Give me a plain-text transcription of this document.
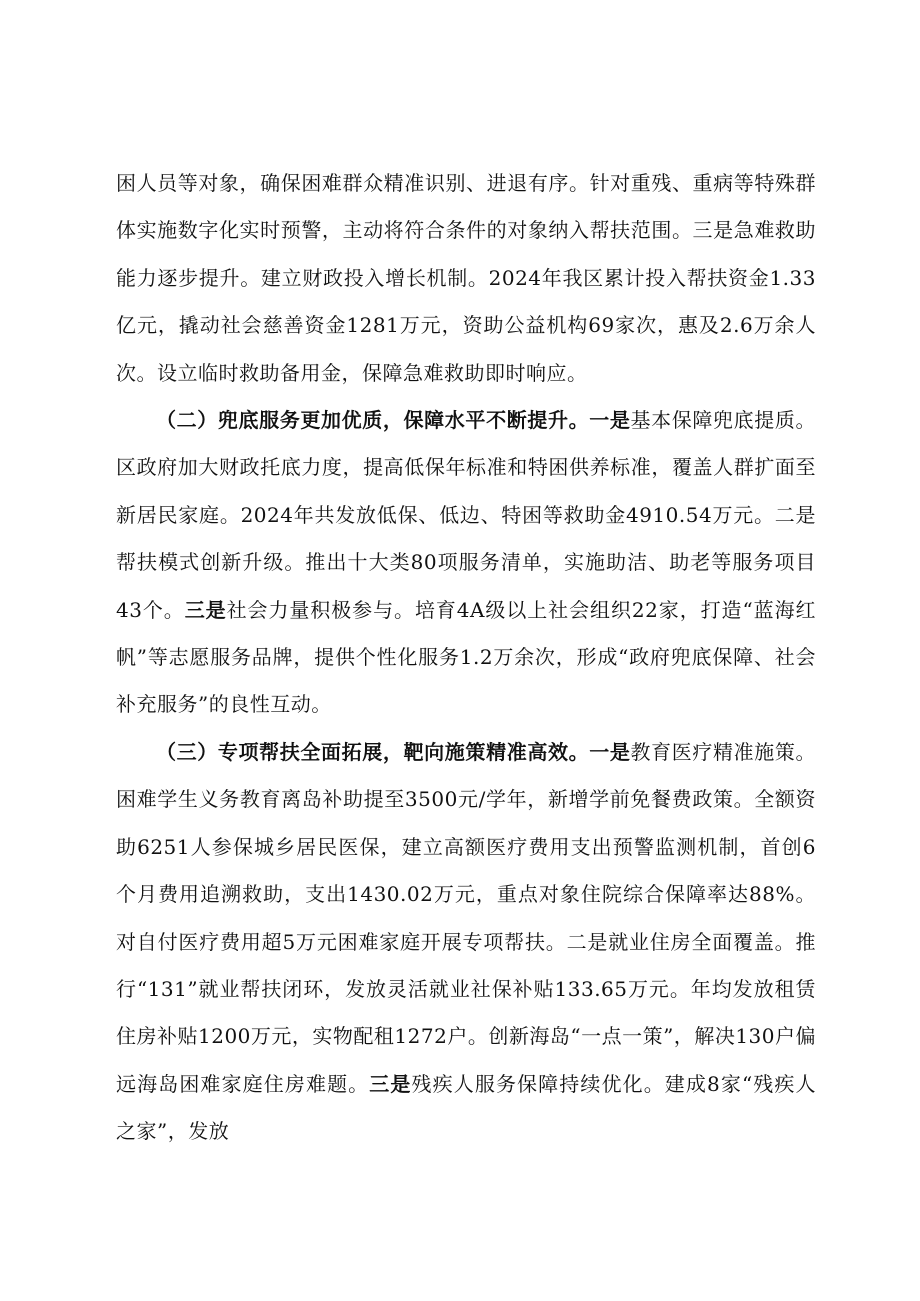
困人员等对象，确保困难群众精准识别、进退有序。针对重残、重病等特殊群体实施数字化实时预警，主动将符合条件的对象纳入帮扶范围。三是急难救助能力逐步提升。建立财政投入增长机制。2024年我区累计投入帮扶资金1.33亿元，撬动社会慈善资金1281万元，资助公益机构69家次，惠及2.6万余人次。设立临时救助备用金，保障急难救助即时响应。

（二）兜底服务更加优质，保障水平不断提升。一是基本保障兜底提质。区政府加大财政托底力度，提高低保年标准和特困供养标准，覆盖人群扩面至新居民家庭。2024年共发放低保、低边、特困等救助金4910.54万元。二是帮扶模式创新升级。推出十大类80项服务清单，实施助洁、助老等服务项目43个。三是社会力量积极参与。培育4A级以上社会组织22家，打造“蓝海红帆”等志愿服务品牌，提供个性化服务1.2万余次，形成“政府兜底保障、社会补充服务”的良性互动。

（三）专项帮扶全面拓展，靶向施策精准高效。一是教育医疗精准施策。困难学生义务教育离岛补助提至3500元/学年，新增学前免餐费政策。全额资助6251人参保城乡居民医保，建立高额医疗费用支出预警监测机制，首创6个月费用追溯救助，支出1430.02万元，重点对象住院综合保障率达88%。对自付医疗费用超5万元困难家庭开展专项帮扶。二是就业住房全面覆盖。推行“131”就业帮扶闭环，发放灵活就业社保补贴133.65万元。年均发放租赁住房补贴1200万元，实物配租1272户。创新海岛“一点一策”，解决130户偏远海岛困难家庭住房难题。三是残疾人服务保障持续优化。建成8家“残疾人之家”，发放
